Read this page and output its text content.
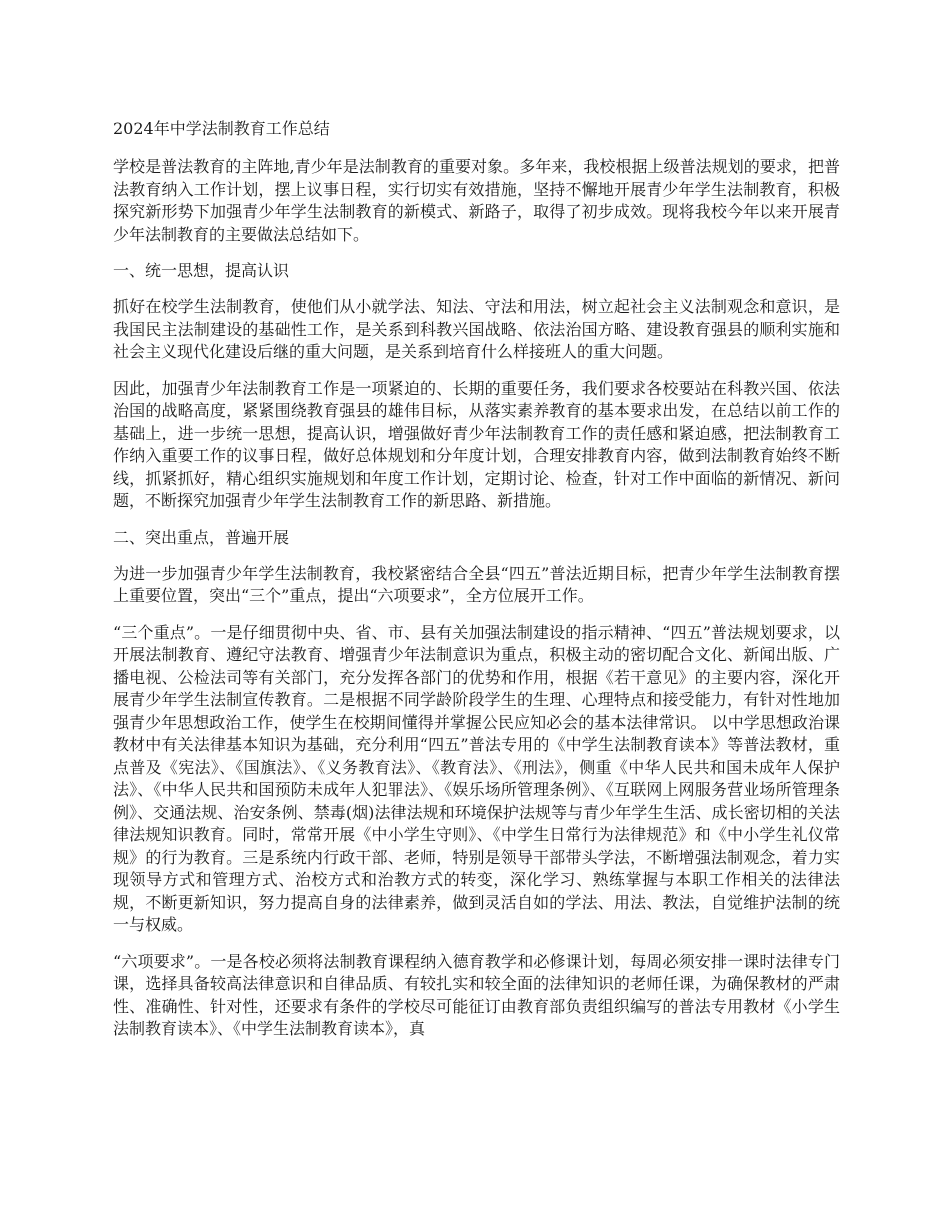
2024年中学法制教育工作总结

学校是普法教育的主阵地,青少年是法制教育的重要对象。多年来，我校根据上级普法规划的要求，把普法教育纳入工作计划，摆上议事日程，实行切实有效措施，坚持不懈地开展青少年学生法制教育，积极探究新形势下加强青少年学生法制教育的新模式、新路子，取得了初步成效。现将我校今年以来开展青少年法制教育的主要做法总结如下。

一、统一思想，提高认识

抓好在校学生法制教育，使他们从小就学法、知法、守法和用法，树立起社会主义法制观念和意识，是我国民主法制建设的基础性工作，是关系到科教兴国战略、依法治国方略、建设教育强县的顺利实施和社会主义现代化建设后继的重大问题，是关系到培育什么样接班人的重大问题。

因此，加强青少年法制教育工作是一项紧迫的、长期的重要任务，我们要求各校要站在科教兴国、依法治国的战略高度，紧紧围绕教育强县的雄伟目标，从落实素养教育的基本要求出发，在总结以前工作的基础上，进一步统一思想，提高认识，增强做好青少年法制教育工作的责任感和紧迫感，把法制教育工作纳入重要工作的议事日程，做好总体规划和分年度计划，合理安排教育内容，做到法制教育始终不断线，抓紧抓好，精心组织实施规划和年度工作计划，定期讨论、检查，针对工作中面临的新情况、新问题，不断探究加强青少年学生法制教育工作的新思路、新措施。

二、突出重点，普遍开展

为进一步加强青少年学生法制教育，我校紧密结合全县“四五”普法近期目标，把青少年学生法制教育摆上重要位置，突出“三个”重点，提出“六项要求”，全方位展开工作。

“三个重点”。一是仔细贯彻中央、省、市、县有关加强法制建设的指示精神、“四五”普法规划要求，以开展法制教育、遵纪守法教育、增强青少年法制意识为重点，积极主动的密切配合文化、新闻出版、广播电视、公检法司等有关部门，充分发挥各部门的优势和作用，根据《若干意见》的主要内容，深化开展青少年学生法制宣传教育。二是根据不同学龄阶段学生的生理、心理特点和接受能力，有针对性地加强青少年思想政治工作，使学生在校期间懂得并掌握公民应知必会的基本法律常识。 以中学思想政治课教材中有关法律基本知识为基础，充分利用“四五”普法专用的《中学生法制教育读本》等普法教材，重点普及《宪法》、《国旗法》、《义务教育法》、《教育法》、《刑法》，侧重《中华人民共和国未成年人保护法》、《中华人民共和国预防未成年人犯罪法》、《娱乐场所管理条例》、《互联网上网服务营业场所管理条例》、交通法规、治安条例、禁毒(烟)法律法规和环境保护法规等与青少年学生生活、成长密切相的关法律法规知识教育。同时，常常开展《中小学生守则》、《中学生日常行为法律规范》和《中小学生礼仪常规》的行为教育。三是系统内行政干部、老师，特别是领导干部带头学法，不断增强法制观念，着力实现领导方式和管理方式、治校方式和治教方式的转变，深化学习、熟练掌握与本职工作相关的法律法规，不断更新知识，努力提高自身的法律素养，做到灵活自如的学法、用法、教法，自觉维护法制的统一与权威。

“六项要求”。一是各校必须将法制教育课程纳入德育教学和必修课计划，每周必须安排一课时法律专门课，选择具备较高法律意识和自律品质、有较扎实和较全面的法律知识的老师任课，为确保教材的严肃性、准确性、针对性，还要求有条件的学校尽可能征订由教育部负责组织编写的普法专用教材《小学生法制教育读本》、《中学生法制教育读本》，真
